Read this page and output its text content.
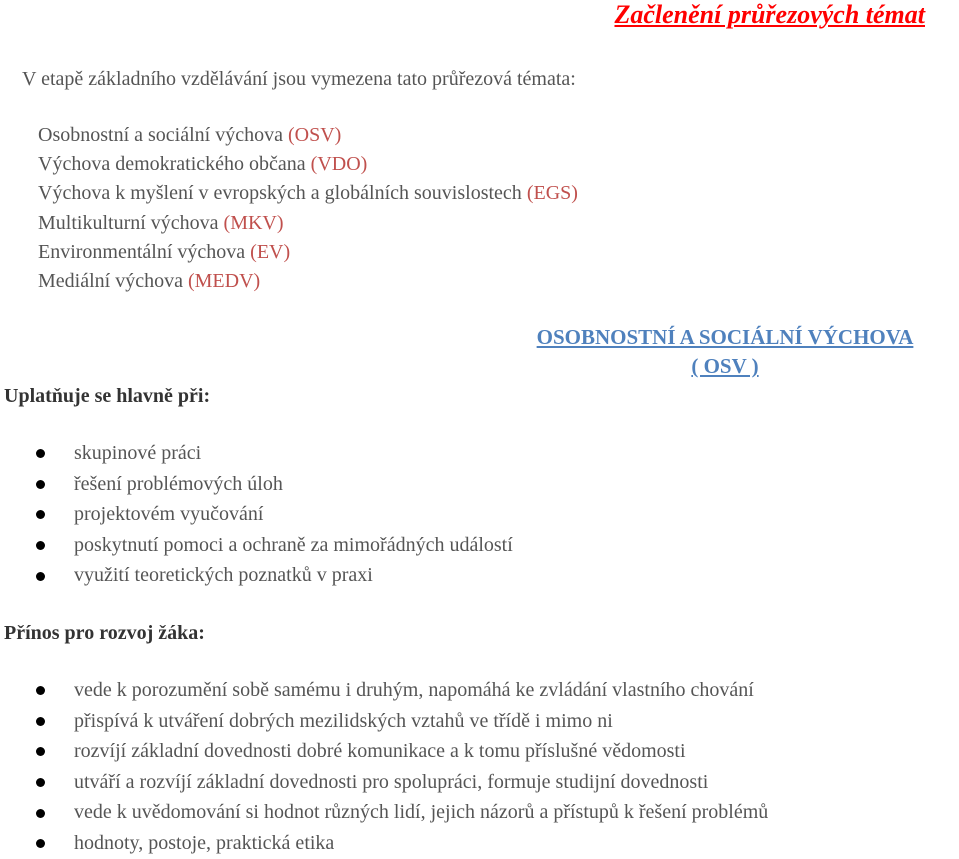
Začlenění průřezových témat
V etapě základního vzdělávání jsou vymezena tato průřezová témata:
Osobnostní a sociální výchova (OSV)
Výchova demokratického občana (VDO)
Výchova k myšlení v evropských a globálních souvislostech (EGS)
Multikulturní výchova (MKV)
Environmentální výchova (EV)
Mediální výchova (MEDV)
OSOBNOSTNÍ A SOCIÁLNÍ VÝCHOVA
( OSV )
Uplatňuje se hlavně při:
skupinové práci
řešení problémových úloh
projektovém vyučování
poskytnutí pomoci a ochraně za mimořádných událostí
využití teoretických poznatků v praxi
Přínos pro rozvoj žáka:
vede k porozumění sobě samému i druhým, napomáhá ke zvládání vlastního chování
přispívá k utváření dobrých mezilidských vztahů ve třídě i mimo ni
rozvíjí základní dovednosti dobré komunikace a k tomu příslušné vědomosti
utváří a rozvíjí základní dovednosti pro spolupráci, formuje studijní dovednosti
vede k uvědomování si hodnot různých lidí, jejich názorů a přístupů k řešení problémů
hodnoty, postoje, praktická etika
